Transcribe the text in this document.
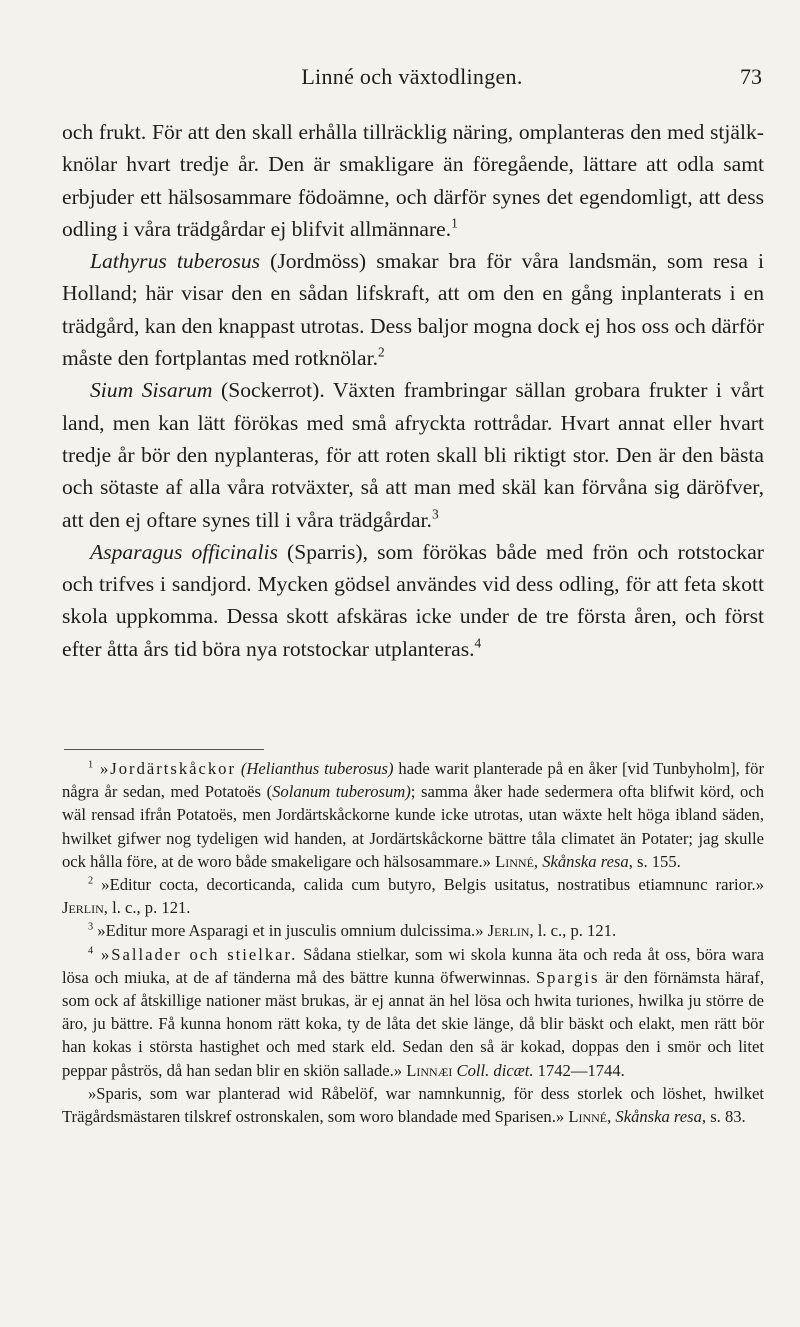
Linné och växtodlingen.	73

och frukt. För att den skall erhålla tillräcklig näring, omplanteras den med stjälk-knölar hvart tredje år. Den är smakligare än föregående, lättare att odla samt erbjuder ett hälsosammare födoämne, och därför synes det egendomligt, att dess odling i våra trädgårdar ej blifvit allmännare.$^1$

Lathyrus tuberosus (Jordmöss) smakar bra för våra landsmän, som resa i Holland; här visar den en sådan lifskraft, att om den en gång inplanterats i en trädgård, kan den knappast utrotas. Dess baljor mogna dock ej hos oss och därför måste den fortplantas med rotknölar.$^2$

Sium Sisarum (Sockerrot). Växten frambringar sällan grobara frukter i vårt land, men kan lätt förökas med små afryckta rottrådar. Hvart annat eller hvart tredje år bör den nyplanteras, för att roten skall bli riktigt stor. Den är den bästa och sötaste af alla våra rotväxter, så att man med skäl kan förvåna sig däröfver, att den ej oftare synes till i våra trädgårdar.$^3$

Asparagus officinalis (Sparris), som förökas både med frön och rotstockar och trifves i sandjord. Mycken gödsel användes vid dess odling, för att feta skott skola uppkomma. Dessa skott afskäras icke under de tre första åren, och först efter åtta års tid böra nya rotstockar utplanteras.$^4$

$^1$ »Jordärtskåckor (Helianthus tuberosus) hade warit planterade på en åker [vid Tunbyholm], för några år sedan, med Potatoës (Solanum tuberosum); samma åker hade sedermera ofta blifwit körd, och wäl rensad ifrån Potatoës, men Jordärtskåckorne kunde icke utrotas, utan wäxte helt höga ibland säden, hwilket gifwer nog tydeligen wid handen, at Jordärtskåckorne bättre tåla climatet än Potater; jag skulle ock hålla före, at de woro både smakeligare och hälsosammare.» Linné, Skånska resa, s. 155.

$^2$ »Editur cocta, decorticanda, calida cum butyro, Belgis usitatus, nostratibus etiamnunc rarior.» Jerlin, l. c., p. 121.

$^3$ »Editur more Asparagi et in jusculis omnium dulcissima.» Jerlin, l. c., p. 121.

$^4$ »Sallader och stielkar. Sådana stielkar, som wi skola kunna äta och reda åt oss, böra wara lösa och miuka, at de af tänderna må des bättre kunna öfwerwinnas. Spargis är den förnämsta häraf, som ock af åtskillige nationer mäst brukas, är ej annat än hel lösa och hwita turiones, hwilka ju större de äro, ju bättre. Få kunna honom rätt koka, ty de låta det skie länge, då blir bäskt och elakt, men rätt bör han kokas i största hastighet och med stark eld. Sedan den så är kokad, doppas den i smör och litet peppar påströs, då han sedan blir en skiön sallade.» Linnæi Coll. dicæt. 1742—1744.

»Sparis, som war planterad wid Råbelöf, war namnkunnig, för dess storlek och löshet, hwilket Trägårdsmästaren tilskref ostronskalen, som woro blandade med Sparisen.» Linné, Skånska resa, s. 83.
